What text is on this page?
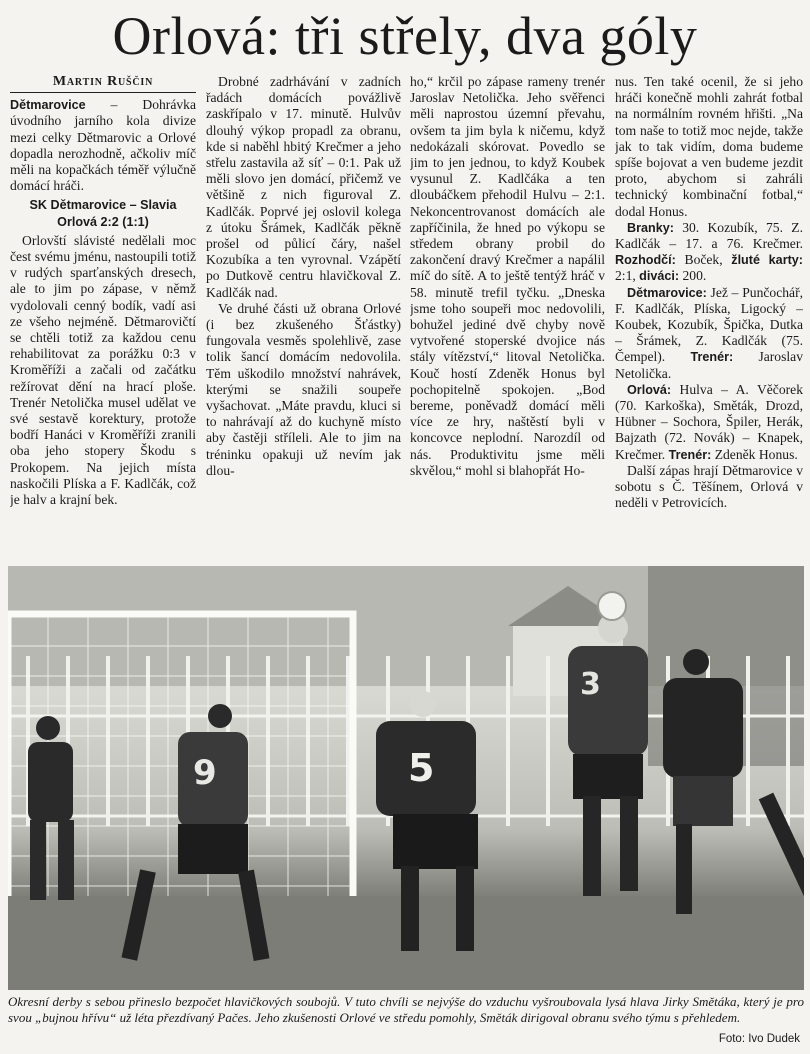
Orlová: tři střely, dva góly
Martin Ruščin

Dětmarovice – Dohrávka úvodního jarního kola divize mezi celky Dětmarovic a Orlové dopadla nerozhodně, ačkoliv míč měli na kopačkách téměř výlučně domácí hráči.

SK Dětmarovice – Slavia Orlová 2:2 (1:1)

Orlovští slávisté nedělali moc čest svému jménu, nastoupili totiž v rudých sparťanských dresech, ale to jim po zápase, v němž vydolovali cenný bodík, vadí asi ze všeho nejméně. Dětmarovičtí se chtěli totiž za každou cenu rehabilitovat za porážku 0:3 v Kroměříži a začali od začátku režírovat dění na hrací ploše. Trenér Netolička musel udělat ve své sestavě korektury, protože bodří Hanáci v Kroměříži zranili oba jeho stopery Škodu s Prokopem. Na jejich místa naskočili Plíska a F. Kadlčák, což je halv a krajní bek.

Drobné zadrhávání v zadních řadách domácích povážlivě zaskřípalo v 17. minutě. Hulvův dlouhý výkop propadl za obranu, kde si naběhl hbitý Krečmer a jeho střelu zastavila až síť – 0:1. Pak už měli slovo jen domácí, přičemž ve většině z nich figuroval Z. Kadlčák. Poprvé jej oslovil kolega z útoku Šrámek, Kadlčák pěkně prošel od půlicí čáry, našel Kozubíka a ten vyrovnal. Vzápětí po Dutkově centru hlavičkoval Z. Kadlčák nad.

Ve druhé části už obrana Orlové (i bez zkušeného Šťástky) fungovala vesměs spolehlivě, zase tolik šancí domácím nedovolila. Těm uškodilo množství nahrávek, kterými se snažili soupeře vyšachovat. „Máte pravdu, kluci si to nahrávají až do kuchyně místo aby častěji stříleli. Ale to jim na tréninku opakuji už nevím jak dlou-

ho,“ krčil po zápase rameny trenér Jaroslav Netolička. Jeho svěřenci měli naprostou územní převahu, ovšem ta jim byla k ničemu, když nedokázali skórovat. Povedlo se jim to jen jednou, to když Koubek vysunul Z. Kadlčáka a ten dloubáčkem přehodil Hulvu – 2:1. Nekoncentrovanost domácích ale zapříčinila, že hned po výkopu se středem obrany probil do zakončení dravý Krečmer a napálil míč do sítě. A to ještě tentýž hráč v 58. minutě trefil tyčku. „Dneska jsme toho soupeři moc nedovolili, bohužel jediné dvě chyby nově vytvořené stoperské dvojice nás stály vítězství,“ litoval Netolička. Kouč hostí Zdeněk Honus byl pochopitelně spokojen. „Bod bereme, poněvadž domácí měli více ze hry, naštěstí byli v koncovce neplodní. Narozdíl od nás. Produktivitu jsme měli skvělou,“ mohl si blahopřát Ho-

nus. Ten také ocenil, že si jeho hráči konečně mohli zahrát fotbal na normálním rovném hřišti. „Na tom naše to totiž moc nejde, takže jak to tak vidím, doma budeme spíše bojovat a ven budeme jezdit proto, abychom si zahráli technický kombinační fotbal,“ dodal Honus.

Branky: 30. Kozubík, 75. Z. Kadlčák – 17. a 76. Krečmer. Rozhodčí: Boček, žluté karty: 2:1, diváci: 200.

Dětmarovice: Jež – Punčochář, F. Kadlčák, Plíska, Ligocký – Koubek, Kozubík, Špička, Dutka – Šrámek, Z. Kadlčák (75. Čempel). Trenér: Jaroslav Netolička.

Orlová: Hulva – A. Věčorek (70. Karkoška), Směták, Drozd, Hübner – Sochora, Špiler, Herák, Bajzath (72. Novák) – Knapek, Krečmer. Trenér: Zdeněk Honus.

Další zápas hrají Dětmarovice v sobotu s Č. Těšínem, Orlová v neděli v Petrovicích.

9	5
3
Okresní derby s sebou přineslo bezpočet hlavičkových soubojů. V tuto chvíli se nejvýše do vzduchu vyšroubovala lysá hlava Jirky Smětáka, který je pro svou „bujnou hřívu“ už léta přezdívaný Pačes. Jeho zkušenosti Orlové ve středu pomohly, Směták dirigoval obranu svého týmu s přehledem.
Foto: Ivo Dudek
